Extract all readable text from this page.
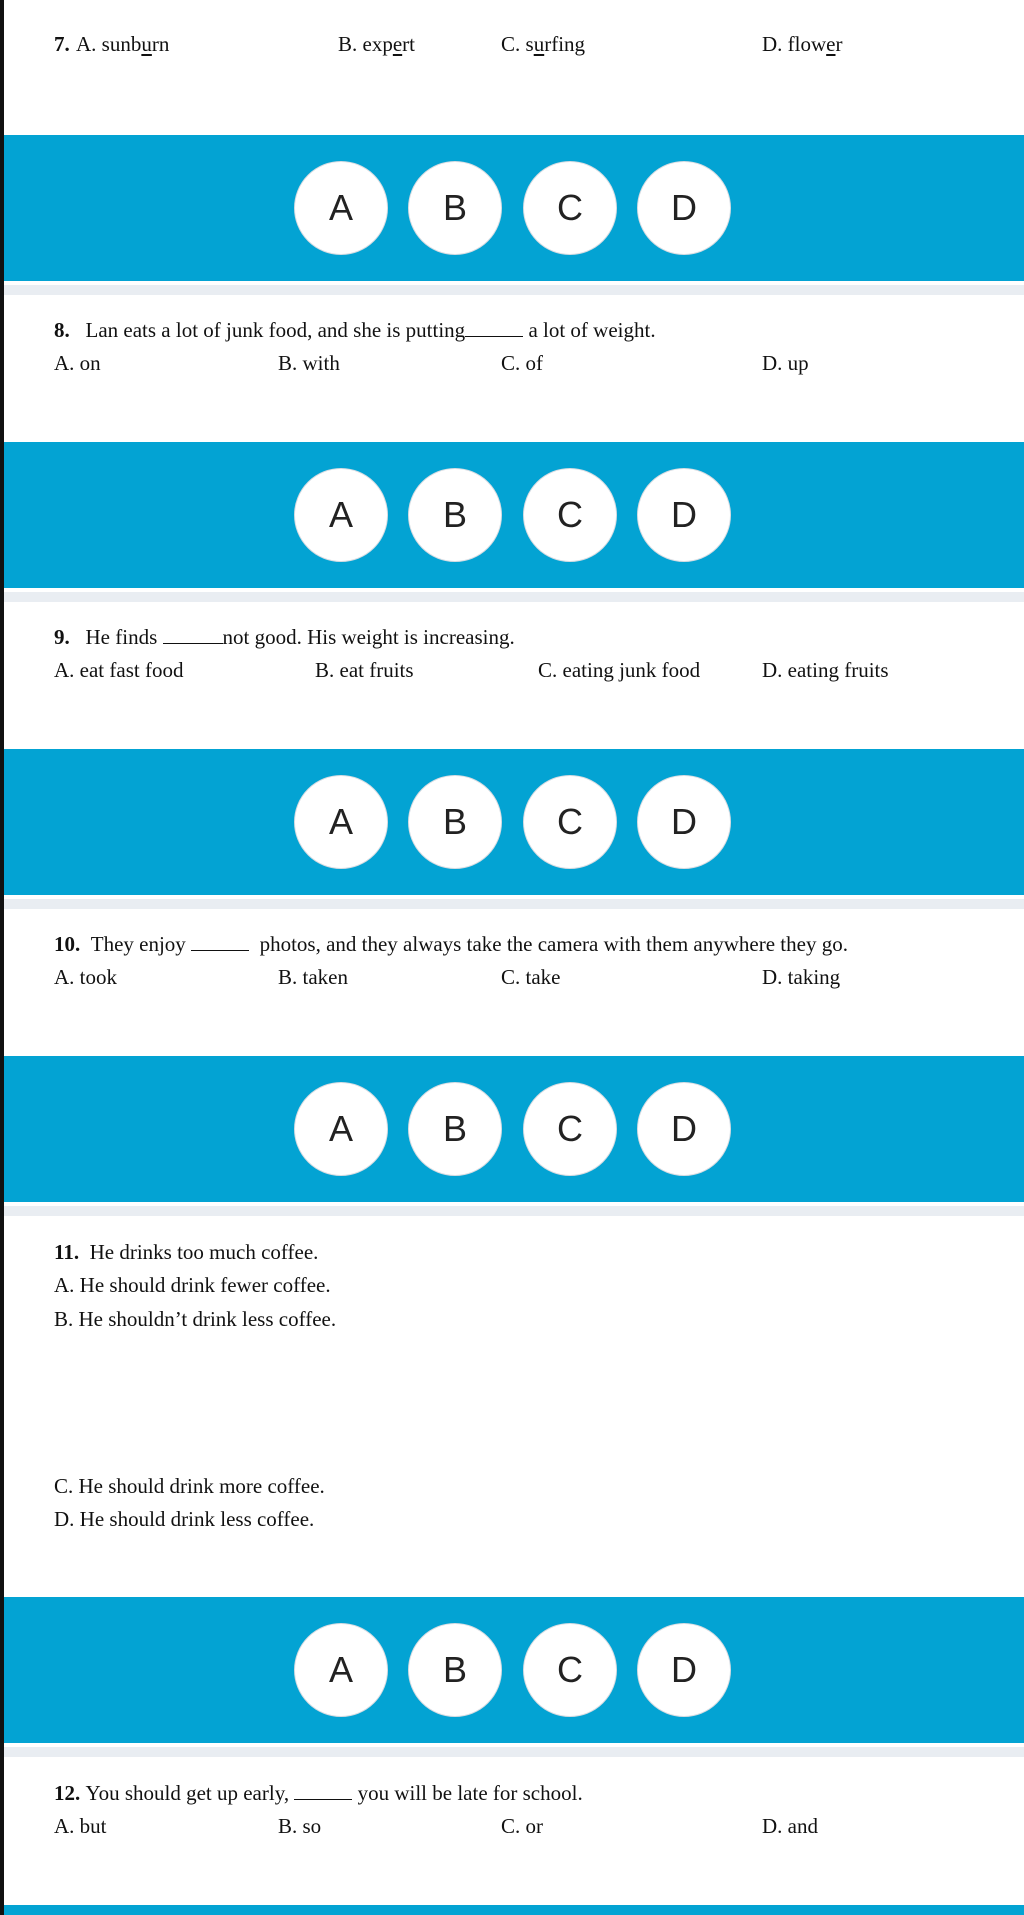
7. A. sunburn	B. expert	C. surfing	D. flower
A	B	C	D
8. Lan eats a lot of junk food, and she is putting	a lot of weight.
A. on	B. with	C. of	D. up
A	B	C	D
9. He finds	not good. His weight is increasing.
A. eat fast food	B. eat fruits	C. eating junk food	D. eating fruits
A	B	C	D
10. They enjoy	photos, and they always take the camera with them anywhere they go.
A. took	B. taken	C. take	D. taking
A	B	C	D
11. He drinks too much coffee.
A. He should drink fewer coffee.
B. He shouldn’t drink less coffee.
C. He should drink more coffee.
D. He should drink less coffee.
A	B	C	D
12. You should get up early,	you will be late for school.
A. but	B. so	C. or	D. and
